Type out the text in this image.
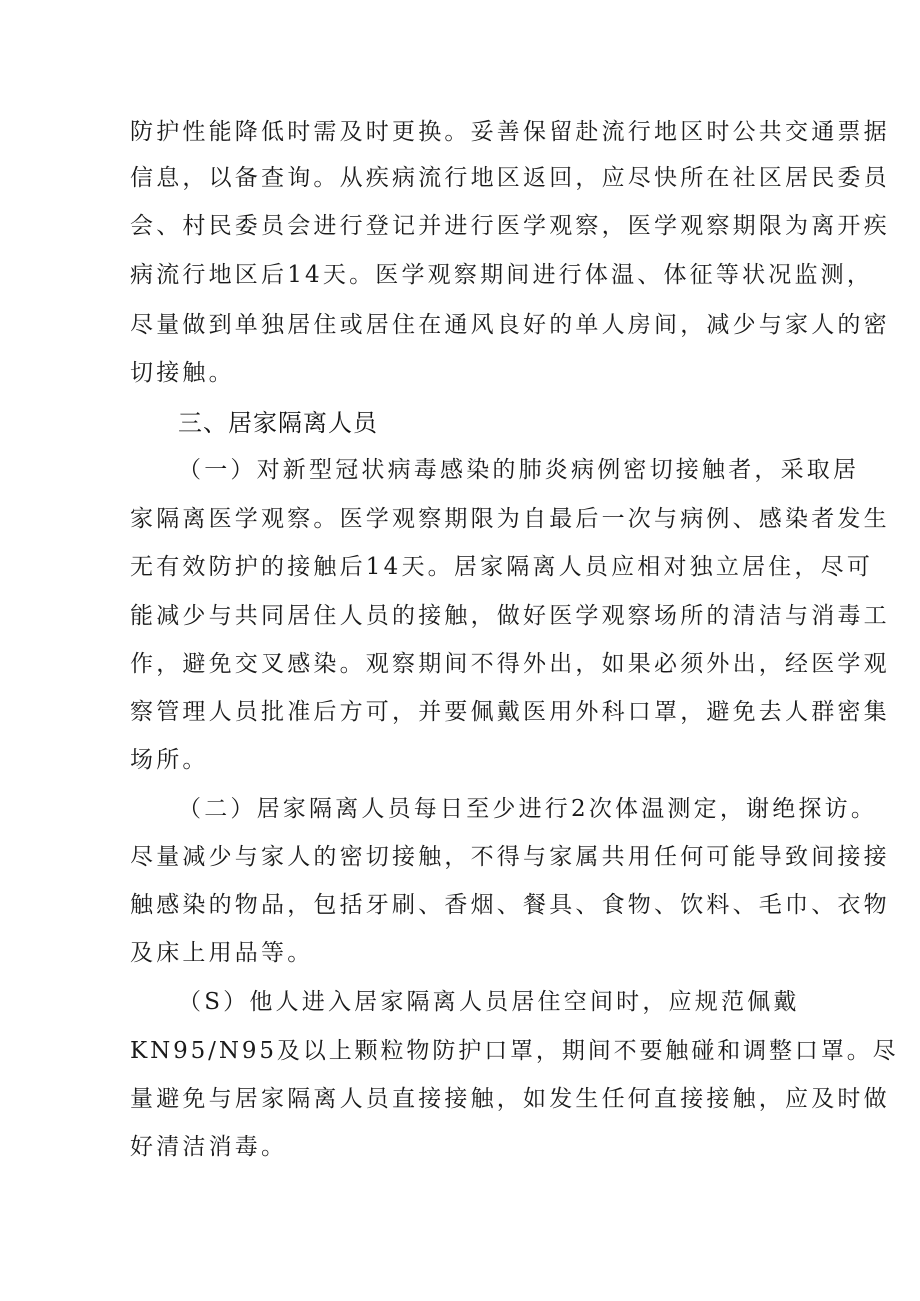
防护性能降低时需及时更换。妥善保留赴流行地区时公共交通票据
信息，以备查询。从疾病流行地区返回，应尽快所在社区居民委员
会、村民委员会进行登记并进行医学观察，医学观察期限为离开疾
病流行地区后14天。医学观察期间进行体温、体征等状况监测，
尽量做到单独居住或居住在通风良好的单人房间，减少与家人的密
切接触。
三、居家隔离人员
（一）对新型冠状病毒感染的肺炎病例密切接触者，采取居
家隔离医学观察。医学观察期限为自最后一次与病例、感染者发生
无有效防护的接触后14天。居家隔离人员应相对独立居住，尽可
能减少与共同居住人员的接触，做好医学观察场所的清洁与消毒工
作，避免交叉感染。观察期间不得外出，如果必须外出，经医学观
察管理人员批准后方可，并要佩戴医用外科口罩，避免去人群密集
场所。
（二）居家隔离人员每日至少进行2次体温测定，谢绝探访。
尽量减少与家人的密切接触，不得与家属共用任何可能导致间接接
触感染的物品，包括牙刷、香烟、餐具、食物、饮料、毛巾、衣物
及床上用品等。
（S）他人进入居家隔离人员居住空间时，应规范佩戴
KN95/N95及以上颗粒物防护口罩，期间不要触碰和调整口罩。尽
量避免与居家隔离人员直接接触，如发生任何直接接触，应及时做
好清洁消毒。
